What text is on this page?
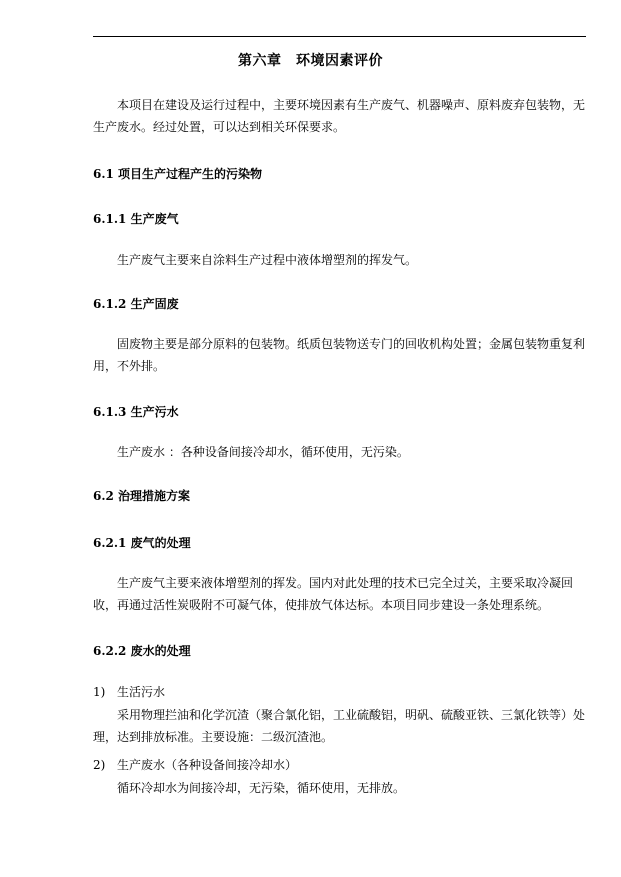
第六章　环境因素评价

本项目在建设及运行过程中，主要环境因素有生产废气、机器噪声、原料废弃包装物，无生产废水。经过处置，可以达到相关环保要求。

6.1 项目生产过程产生的污染物

6.1.1 生产废气

生产废气主要来自涂料生产过程中液体增塑剂的挥发气。

6.1.2 生产固废

固废物主要是部分原料的包装物。纸质包装物送专门的回收机构处置；金属包装物重复利用，不外排。

6.1.3 生产污水

生产废水 ：各种设备间接冷却水，循环使用，无污染。

6.2 治理措施方案

6.2.1 废气的处理

生产废气主要来液体增塑剂的挥发。国内对此处理的技术已完全过关，主要采取冷凝回收，再通过活性炭吸附不可凝气体，使排放气体达标。本项目同步建设一条处理系统。

6.2.2 废水的处理

1) 生活污水

采用物理拦油和化学沉渣（聚合氯化铝，工业硫酸铝，明矾、硫酸亚铁、三氯化铁等）处理，达到排放标准。主要设施：二级沉渣池。

2) 生产废水（各种设备间接冷却水）

循环冷却水为间接冷却，无污染，循环使用，无排放。
